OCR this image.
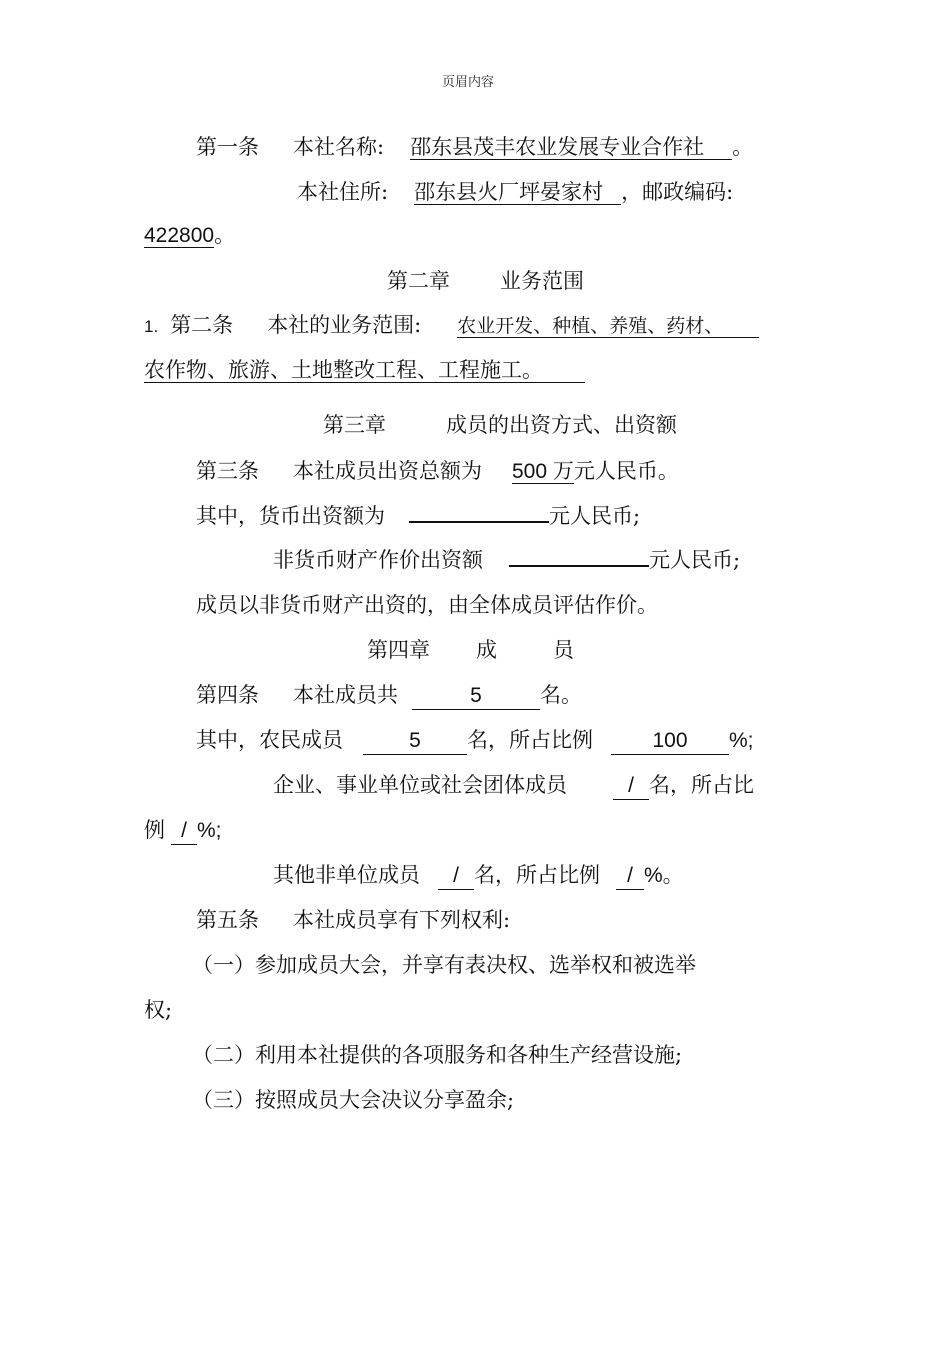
页眉内容
第一条 本社名称: 邵东县茂丰农业发展专业合作社 。
本社住所: 邵东县火厂坪晏家村 ，邮政编码:
422800。
第二章 业务范围
1. 第二条 本社的业务范围: 农业开发、种植、养殖、药材、
农作物、旅游、土地整改工程、工程施工。
第三章	成员的出资方式、出资额
第三条 本社成员出资总额为 500 万元人民币。
其中，货币出资额为	元人民币;
非货币财产作价出资额	元人民币;
成员以非货币财产出资的，由全体成员评估作价。
第四章 成	员
第四条 本社成员共	5	名。
其中，农民成员	5 名，所占比例	100 %;
企业、事业单位或社会团体成员	/ 名，所占比
例 / %;
其他非单位成员 / 名，所占比例 / %。
第五条 本社成员享有下列权利:
（一）参加成员大会，并享有表决权、选举权和被选举
权;
（二）利用本社提供的各项服务和各种生产经营设施;
（三）按照成员大会决议分享盈余;
